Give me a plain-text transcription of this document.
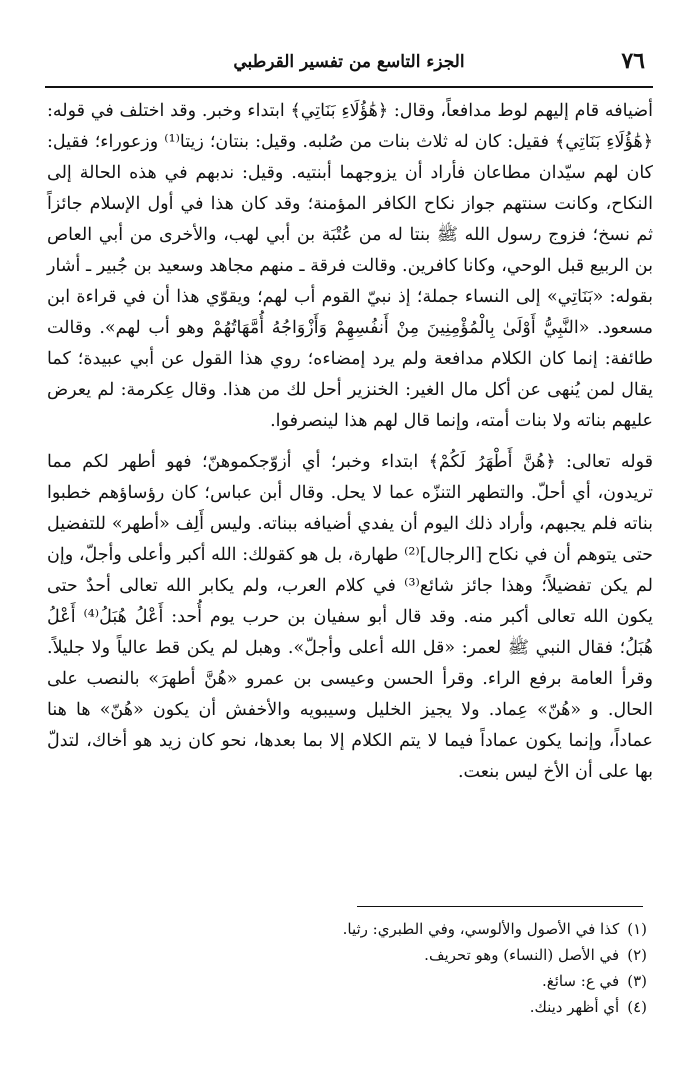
٧٦
الجزء التاسع من تفسير القرطبي

أضيافه قام إليهم لوط مدافعاً، وقال: ﴿هَٰؤُلَاءِ بَنَاتِي﴾ ابتداء وخبر. وقد اختلف في قوله: ﴿هَٰؤُلَاءِ بَنَاتِي﴾ فقيل: كان له ثلاث بنات من صُلبه. وقيل: بنتان؛ زيتا⁽¹⁾ وزعوراء؛ فقيل: كان لهم سيّدان مطاعان فأراد أن يزوجهما أبنتيه. وقيل: ندبهم في هذه الحالة إلى النكاح، وكانت سنتهم جواز نكاح الكافر المؤمنة؛ وقد كان هذا في أول الإسلام جائزاً ثم نسخ؛ فزوج رسول الله ﷺ بنتا له من عُتْبَة بن أبي لهب، والأخرى من أبي العاص بن الربيع قبل الوحي، وكانا كافرين. وقالت فرقة ـ منهم مجاهد وسعيد بن جُبير ـ أشار بقوله: «بَنَاتِي» إلى النساء جملة؛ إذ نبيّ القوم أب لهم؛ ويقوّي هذا أن في قراءة ابن مسعود. «النَّبِيُّ أَوْلَىٰ بِالْمُؤْمِنِينَ مِنْ أَنفُسِهِمْ وَأَزْوَاجُهُ أُمَّهَاتُهُمْ وهو أب لهم». وقالت طائفة: إنما كان الكلام مدافعة ولم يرد إمضاءه؛ روي هذا القول عن أبي عبيدة؛ كما يقال لمن يُنهى عن أكل مال الغير: الخنزير أحل لك من هذا. وقال عِكرمة: لم يعرض عليهم بناته ولا بنات أمته، وإنما قال لهم هذا لينصرفوا.

قوله تعالى: ﴿هُنَّ أَطْهَرُ لَكُمْ﴾ ابتداء وخبر؛ أي أزوّجكموهنّ؛ فهو أطهر لكم مما تريدون، أي أحلّ. والتطهر التنزّه عما لا يحل. وقال أبن عباس؛ كان رؤساؤهم خطبوا بناته فلم يجبهم، وأراد ذلك اليوم أن يفدي أضيافه ببناته. وليس أَلِف «أطهر» للتفضيل حتى يتوهم أن في نكاح [الرجال]⁽²⁾ طهارة، بل هو كقولك: الله أكبر وأعلى وأجلّ، وإن لم يكن تفضيلاً؛ وهذا جائز شائع⁽³⁾ في كلام العرب، ولم يكابر الله تعالى أحدٌ حتى يكون الله تعالى أكبر منه. وقد قال أبو سفيان بن حرب يوم أُحد: أَعْلُ هُبَلُ⁽⁴⁾ أَعْلُ هُبَلُ؛ فقال النبي ﷺ لعمر: «قل الله أعلى وأجلّ». وهبل لم يكن قط عالياً ولا جليلاً. وقرأ العامة برفع الراء. وقرأ الحسن وعيسى بن عمرو «هُنَّ أطهرَ» بالنصب على الحال. و «هُنّ» عِماد. ولا يجيز الخليل وسيبويه والأخفش أن يكون «هُنّ» ها هنا عماداً، وإنما يكون عماداً فيما لا يتم الكلام إلا بما بعدها، نحو كان زيد هو أخاك، لتدلّ بها على أن الأخ ليس بنعت.

(١)كذا في الأصول والألوسي، وفي الطبري: رثيا.
(٢)في الأصل (النساء) وهو تحريف.
(٣)في ع: سائغ.
(٤)أي أظهر دينك.
